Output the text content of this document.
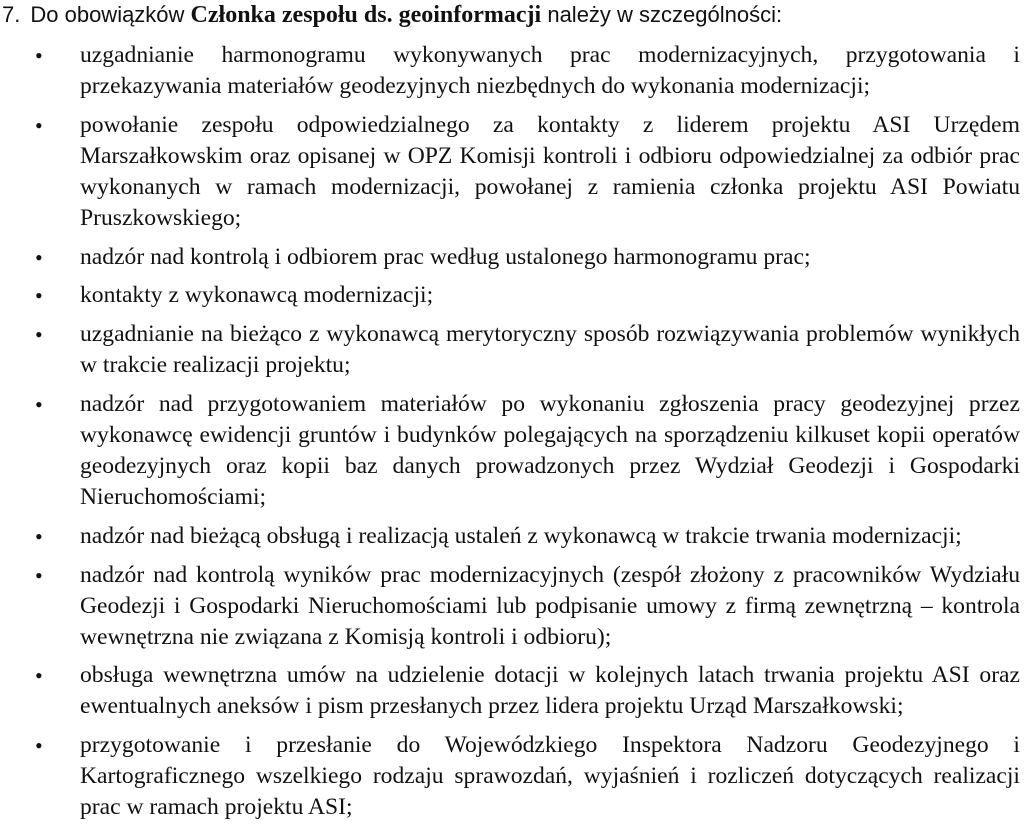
7. Do obowiązków Członka zespołu ds. geoinformacji należy w szczególności:
•	uzgadnianie harmonogramu wykonywanych prac modernizacyjnych, przygotowania i przekazywania materiałów geodezyjnych niezbędnych do wykonania modernizacji;
•	powołanie zespołu odpowiedzialnego za kontakty z liderem projektu ASI Urzędem Marszałkowskim oraz opisanej w OPZ Komisji kontroli i odbioru odpowiedzialnej za odbiór prac wykonanych w ramach modernizacji, powołanej z ramienia członka projektu ASI Powiatu Pruszkowskiego;
•	nadzór nad kontrolą i odbiorem prac według ustalonego harmonogramu prac;
•	kontakty z wykonawcą modernizacji;
•	uzgadnianie na bieżąco z wykonawcą merytoryczny sposób rozwiązywania problemów wynikłych w trakcie realizacji projektu;
•	nadzór nad przygotowaniem materiałów po wykonaniu zgłoszenia pracy geodezyjnej przez wykonawcę ewidencji gruntów i budynków polegających na sporządzeniu kilkuset kopii operatów geodezyjnych oraz kopii baz danych prowadzonych przez Wydział Geodezji i Gospodarki Nieruchomościami;
•	nadzór nad bieżącą obsługą i realizacją ustaleń z wykonawcą w trakcie trwania modernizacji;
•	nadzór nad kontrolą wyników prac modernizacyjnych (zespół złożony z pracowników Wydziału Geodezji i Gospodarki Nieruchomościami lub podpisanie umowy z firmą zewnętrzną – kontrola wewnętrzna nie związana z Komisją kontroli i odbioru);
•	obsługa wewnętrzna umów na udzielenie dotacji w kolejnych latach trwania projektu ASI oraz ewentualnych aneksów i pism przesłanych przez lidera projektu Urząd Marszałkowski;
•	przygotowanie i przesłanie do Wojewódzkiego Inspektora Nadzoru Geodezyjnego i Kartograficznego wszelkiego rodzaju sprawozdań, wyjaśnień i rozliczeń dotyczących realizacji prac w ramach projektu ASI;
